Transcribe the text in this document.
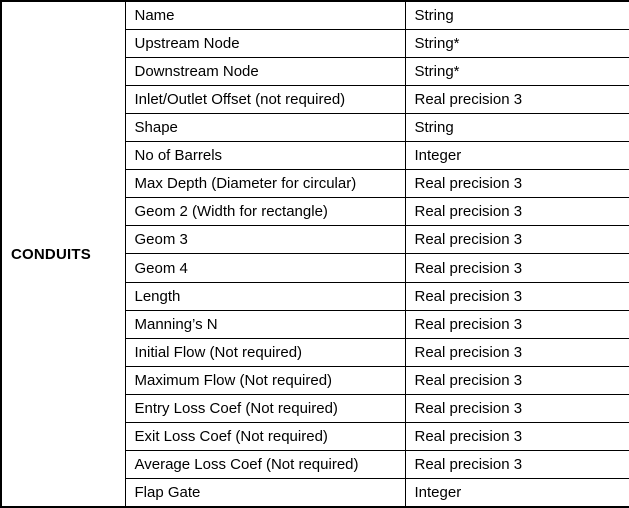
CONDUITS	Name	String
	Upstream Node	String*
	Downstream Node	String*
	Inlet/Outlet Offset (not required)	Real precision 3
	Shape	String
	No of Barrels	Integer
	Max Depth (Diameter for circular)	Real precision 3
	Geom 2 (Width for rectangle)	Real precision 3
	Geom 3	Real precision 3
	Geom 4	Real precision 3
	Length	Real precision 3
	Manning’s N	Real precision 3
	Initial Flow (Not required)	Real precision 3
	Maximum Flow (Not required)	Real precision 3
	Entry Loss Coef (Not required)	Real precision 3
	Exit Loss Coef (Not required)	Real precision 3
	Average Loss Coef (Not required)	Real precision 3
	Flap Gate	Integer
